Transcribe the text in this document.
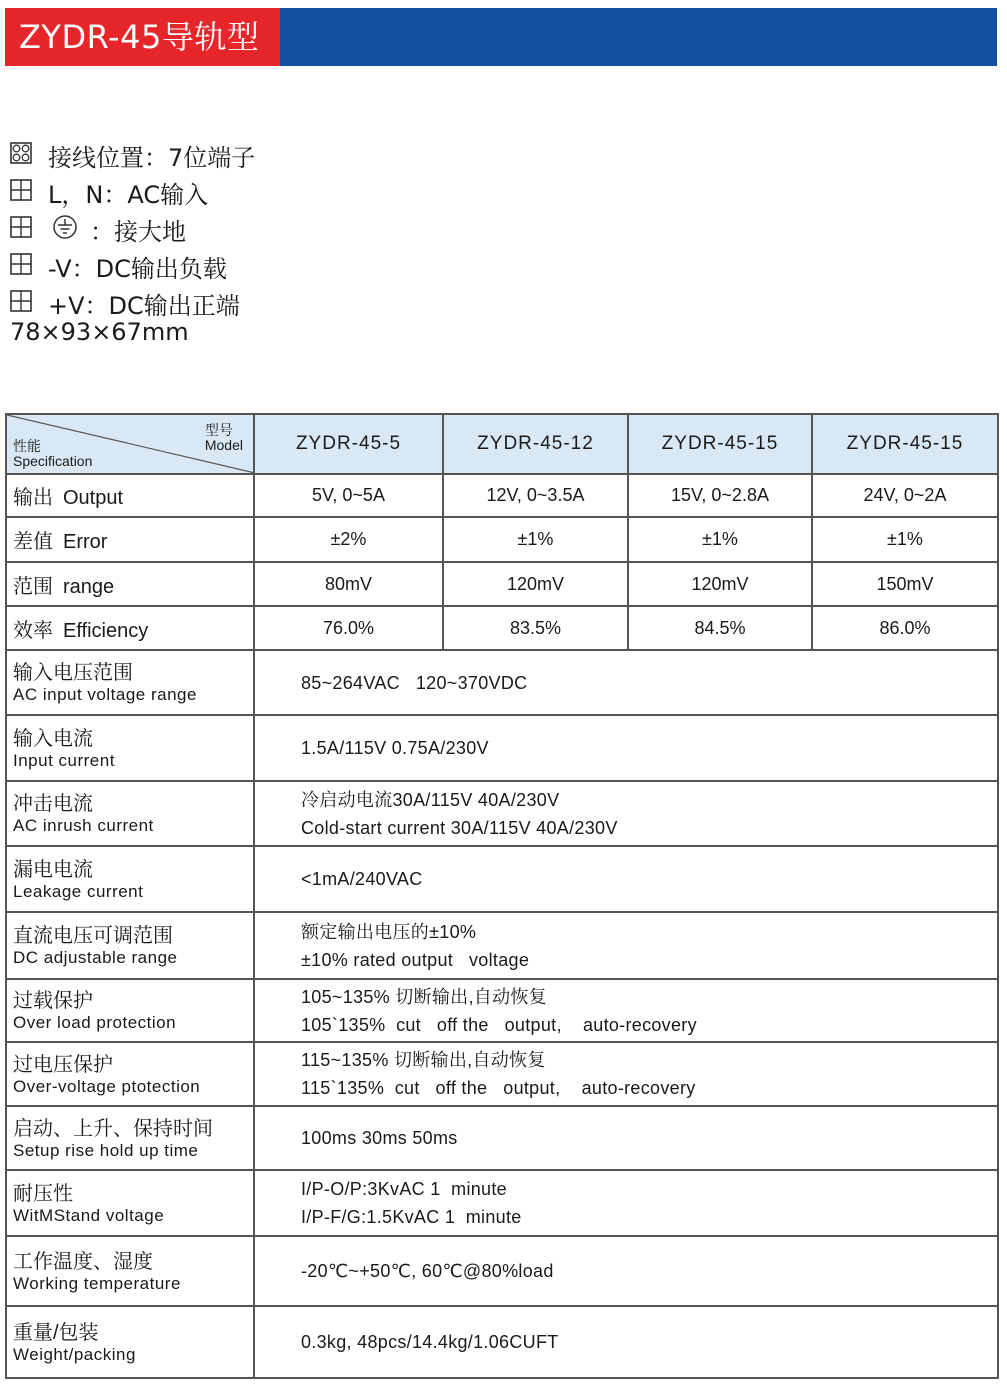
ZYDR-45导轨型
接线位置：7位端子
L，N：AC输入
：接大地
-V：DC输出负载
+V：DC输出正端
78×93×67mm
型号
Model
性能
Specification	ZYDR-45-5	ZYDR-45-12	ZYDR-45-15	ZYDR-45-15
输出 Output	5V, 0~5A	12V, 0~3.5A	15V, 0~2.8A	24V, 0~2A
差值 Error	±2%	±1%	±1%	±1%
范围 range	80mV	120mV	120mV	150mV
效率 Efficiency	76.0%	83.5%	84.5%	86.0%

输入电压范围
AC input voltage range	85~264VAC   120~370VDC			

输入电流
Input current	1.5A/115V 0.75A/230V			

冲击电流
AC inrush current	冷启动电流30A/115V 40A/230V
Cold-start current 30A/115V 40A/230V			

漏电电流
Leakage current	<1mA/240VAC			

直流电压可调范围
DC adjustable range	额定输出电压的±10%
±10% rated output   voltage			

过载保护
Over load protection	105~135% 切断输出,自动恢复
105`135%  cut   off the   output,    auto-recovery			

过电压保护
Over-voltage ptotection	115~135% 切断输出,自动恢复
115`135%  cut   off the   output,    auto-recovery			

启动、上升、保持时间
Setup rise hold up time	100ms 30ms 50ms			

耐压性
WitMStand voltage	I/P-O/P:3KvAC 1  minute
I/P-F/G:1.5KvAC 1  minute			

工作温度、湿度
Working temperature	-20℃~+50℃, 60℃@80%load			

重量/包装
Weight/packing	0.3kg, 48pcs/14.4kg/1.06CUFT			
